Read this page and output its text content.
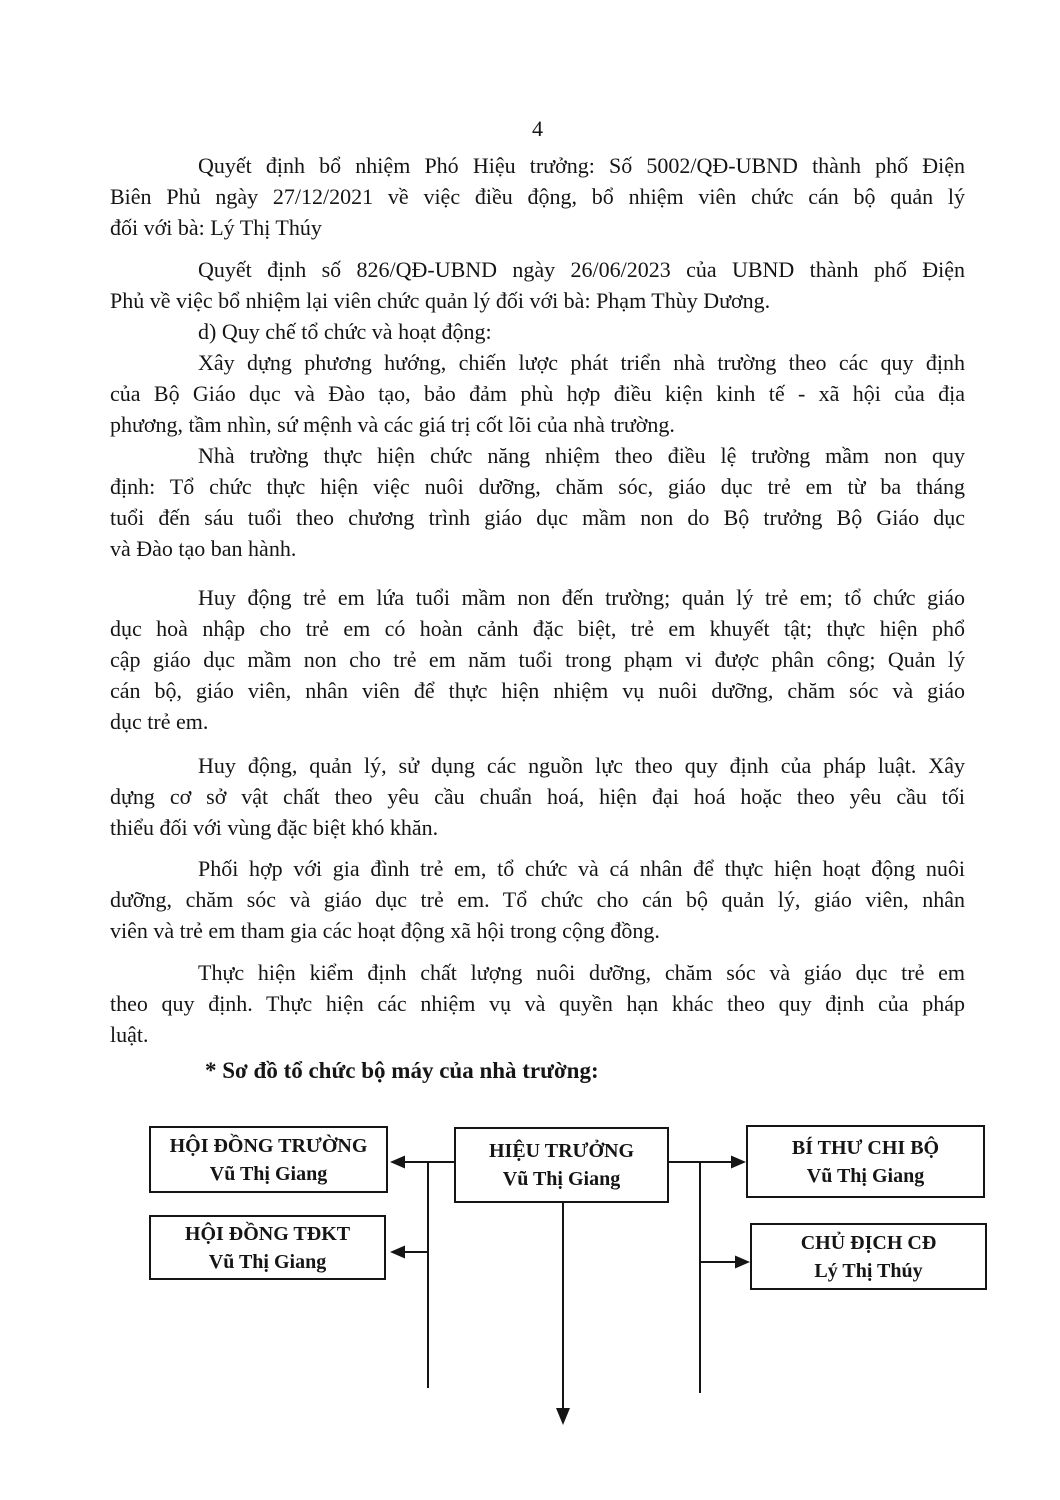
4
Quyết định bổ nhiệm Phó Hiệu trưởng: Số 5002/QĐ-UBND thành phố Điện
Biên Phủ ngày 27/12/2021 về việc điều động, bổ nhiệm viên chức cán bộ quản lý
đối với bà: Lý Thị Thúy
Quyết định số 826/QĐ-UBND ngày 26/06/2023 của UBND thành phố Điện
Phủ về việc bổ nhiệm lại viên chức quản lý đối với bà: Phạm Thùy Dương.
d) Quy chế tổ chức và hoạt động:
Xây dựng phương hướng, chiến lược phát triển nhà trường theo các quy định
của Bộ Giáo dục và Đào tạo, bảo đảm phù hợp điều kiện kinh tế - xã hội của địa
phương, tầm nhìn, sứ mệnh và các giá trị cốt lõi của nhà trường.
Nhà trường thực hiện chức năng nhiệm theo điều lệ trường mầm non quy
định: Tổ chức thực hiện việc nuôi dưỡng, chăm sóc, giáo dục trẻ em từ ba tháng
tuổi đến sáu tuổi theo chương trình giáo dục mầm non do Bộ trưởng Bộ Giáo dục
và Đào tạo ban hành.
Huy động trẻ em lứa tuổi mầm non đến trường; quản lý trẻ em; tổ chức giáo
dục hoà nhập cho trẻ em có hoàn cảnh đặc biệt, trẻ em khuyết tật; thực hiện phổ
cập giáo dục mầm non cho trẻ em năm tuổi trong phạm vi được phân công; Quản lý
cán bộ, giáo viên, nhân viên để thực hiện nhiệm vụ nuôi dưỡng, chăm sóc và giáo
dục trẻ em.
Huy động, quản lý, sử dụng các nguồn lực theo quy định của pháp luật. Xây
dựng cơ sở vật chất theo yêu cầu chuẩn hoá, hiện đại hoá hoặc theo yêu cầu tối
thiểu đối với vùng đặc biệt khó khăn.
Phối hợp với gia đình trẻ em, tổ chức và cá nhân để thực hiện hoạt động nuôi
dưỡng, chăm sóc và giáo dục trẻ em. Tổ chức cho cán bộ quản lý, giáo viên, nhân
viên và trẻ em tham gia các hoạt động xã hội trong cộng đồng.
Thực hiện kiểm định chất lượng nuôi dưỡng, chăm sóc và giáo dục trẻ em
theo quy định. Thực hiện các nhiệm vụ và quyền hạn khác theo quy định của pháp
luật.
* Sơ đồ tổ chức bộ máy của nhà trường:
HỘI ĐỒNG TRƯỜNG
Vũ Thị Giang
HIỆU TRƯỞNG
Vũ Thị Giang
BÍ THƯ CHI BỘ
Vũ Thị Giang
HỘI ĐỒNG TĐKT
Vũ Thị Giang
CHỦ ĐỊCH CĐ
Lý Thị Thúy
